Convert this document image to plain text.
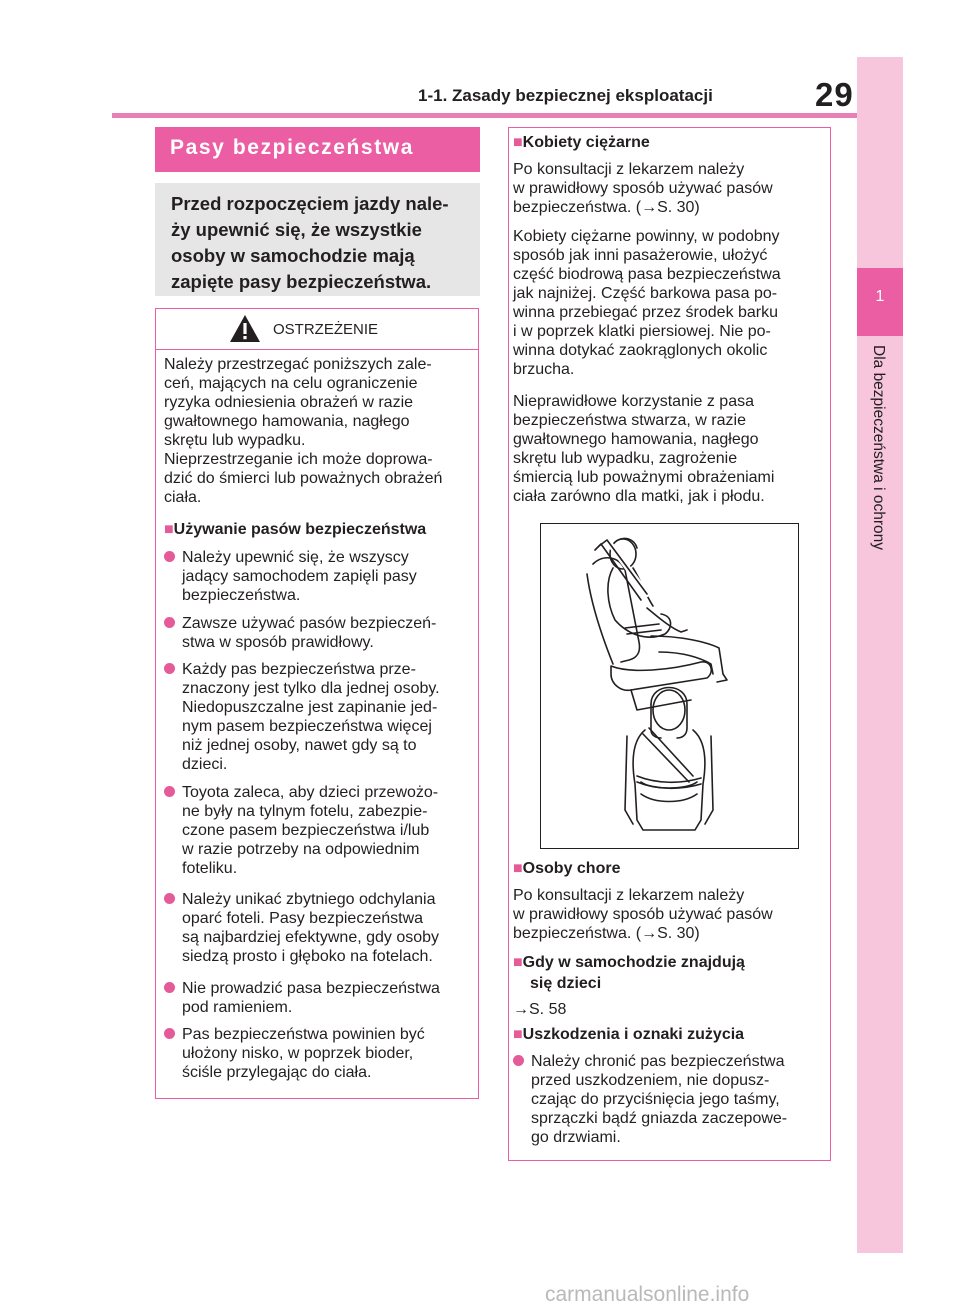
1-1. Zasady bezpiecznej eksploatacji	29
1
Dla bezpieczeństwa i ochrony
Pasy bezpieczeństwa
Przed rozpoczęciem jazdy nale-
ży upewnić się, że wszystkie
osoby w samochodzie mają
zapięte pasy bezpieczeństwa.
OSTRZEŻENIE
Należy przestrzegać poniższych zale-
ceń, mających na celu ograniczenie
ryzyka odniesienia obrażeń w razie
gwałtownego hamowania, nagłego
skrętu lub wypadku.
Nieprzestrzeganie ich może doprowa-
dzić do śmierci lub poważnych obrażeń
ciała.
■Używanie pasów bezpieczeństwa
Należy upewnić się, że wszyscy
jadący samochodem zapięli pasy
bezpieczeństwa.
Zawsze używać pasów bezpieczeń-
stwa w sposób prawidłowy.
Każdy pas bezpieczeństwa prze-
znaczony jest tylko dla jednej osoby.
Niedopuszczalne jest zapinanie jed-
nym pasem bezpieczeństwa więcej
niż jednej osoby, nawet gdy są to
dzieci.
Toyota zaleca, aby dzieci przewożo-
ne były na tylnym fotelu, zabezpie-
czone pasem bezpieczeństwa i/lub
w razie potrzeby na odpowiednim
foteliku.
Należy unikać zbytniego odchylania
oparć foteli. Pasy bezpieczeństwa
są najbardziej efektywne, gdy osoby
siedzą prosto i głęboko na fotelach.
Nie prowadzić pasa bezpieczeństwa
pod ramieniem.
Pas bezpieczeństwa powinien być
ułożony nisko, w poprzek bioder,
ściśle przylegając do ciała.
■Kobiety ciężarne
Po konsultacji z lekarzem należy
w prawidłowy sposób używać pasów
bezpieczeństwa. (→S. 30)
Kobiety ciężarne powinny, w podobny
sposób jak inni pasażerowie, ułożyć
część biodrową pasa bezpieczeństwa
jak najniżej. Część barkowa pasa po-
winna przebiegać przez środek barku
i w poprzek klatki piersiowej. Nie po-
winna dotykać zaokrąglonych okolic
brzucha.
Nieprawidłowe korzystanie z pasa
bezpieczeństwa stwarza, w razie
gwałtownego hamowania, nagłego
skrętu lub wypadku, zagrożenie
śmiercią lub poważnymi obrażeniami
ciała zarówno dla matki, jak i płodu.
■Osoby chore
Po konsultacji z lekarzem należy
w prawidłowy sposób używać pasów
bezpieczeństwa. (→S. 30)
■Gdy w samochodzie znajdują
się dzieci
→S. 58
■Uszkodzenia i oznaki zużycia
Należy chronić pas bezpieczeństwa
przed uszkodzeniem, nie dopusz-
czając do przyciśnięcia jego taśmy,
sprzączki bądź gniazda zaczepowe-
go drzwiami.
carmanualsonline.info
